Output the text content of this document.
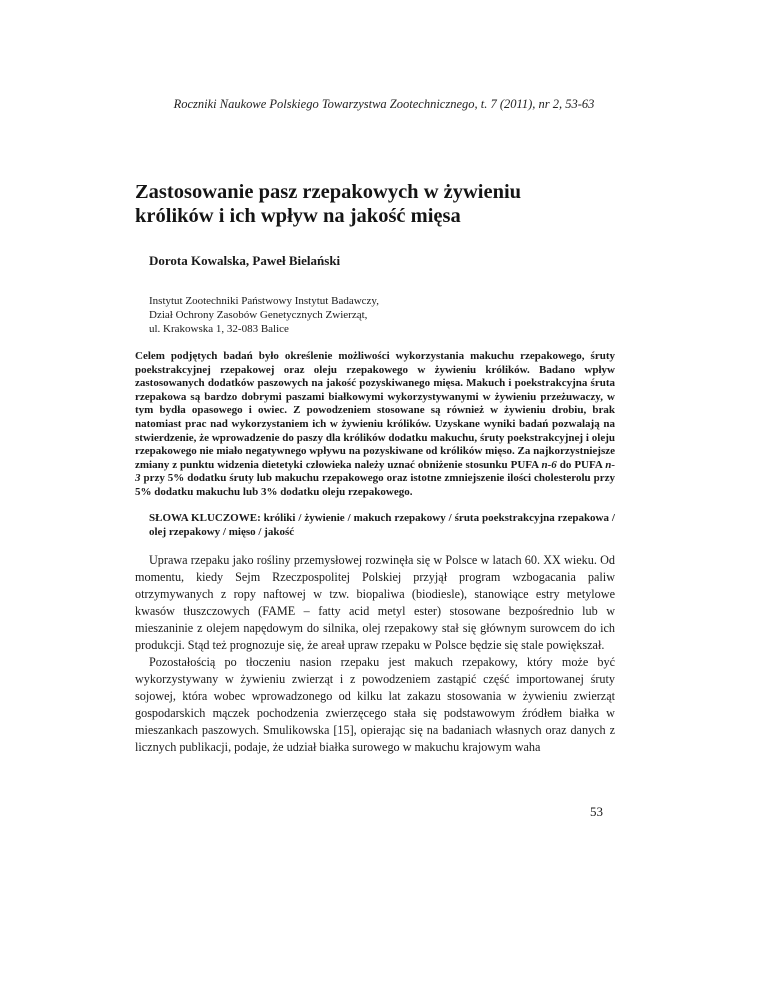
Roczniki Naukowe Polskiego Towarzystwa Zootechnicznego, t. 7 (2011), nr 2, 53-63
Zastosowanie pasz rzepakowych w żywieniu
królików i ich wpływ na jakość mięsa
Dorota Kowalska, Paweł Bielański
Instytut Zootechniki Państwowy Instytut Badawczy,
Dział Ochrony Zasobów Genetycznych Zwierząt,
ul. Krakowska 1, 32-083 Balice

Celem podjętych badań było określenie możliwości wykorzystania makuchu rzepakowego, śruty poekstrakcyjnej rzepakowej oraz oleju rzepakowego w żywieniu królików. Badano wpływ zastosowanych dodatków paszowych na jakość pozyskiwanego mięsa. Makuch i poekstrakcyjna śruta rzepakowa są bardzo dobrymi paszami białkowymi wykorzystywanymi w żywieniu przeżuwaczy, w tym bydła opasowego i owiec. Z powodzeniem stosowane są również w żywieniu drobiu, brak natomiast prac nad wykorzystaniem ich w żywieniu królików. Uzyskane wyniki badań pozwalają na stwierdzenie, że wprowadzenie do paszy dla królików dodatku makuchu, śruty poekstrakcyjnej i oleju rzepakowego nie miało negatywnego wpływu na pozyskiwane od królików mięso. Za najkorzystniejsze zmiany z punktu widzenia dietetyki człowieka należy uznać obniżenie stosunku PUFA n-6 do PUFA n-3 przy 5% dodatku śruty lub makuchu rzepakowego oraz istotne zmniejszenie ilości cholesterolu przy 5% dodatku makuchu lub 3% dodatku oleju rzepakowego.

SŁOWA KLUCZOWE: króliki / żywienie / makuch rzepakowy / śruta poekstrakcyjna rzepakowa / olej rzepakowy / mięso / jakość

Uprawa rzepaku jako rośliny przemysłowej rozwinęła się w Polsce w latach 60. XX wieku. Od momentu, kiedy Sejm Rzeczpospolitej Polskiej przyjął program wzbogacania paliw otrzymywanych z ropy naftowej w tzw. biopaliwa (biodiesle), stanowiące estry metylowe kwasów tłuszczowych (FAME – fatty acid metyl ester) stosowane bezpośrednio lub w mieszaninie z olejem napędowym do silnika, olej rzepakowy stał się głównym surowcem do ich produkcji. Stąd też prognozuje się, że areał upraw rzepaku w Polsce będzie się stale powiększał.

Pozostałością po tłoczeniu nasion rzepaku jest makuch rzepakowy, który może być wykorzystywany w żywieniu zwierząt i z powodzeniem zastąpić część importowanej śruty sojowej, która wobec wprowadzonego od kilku lat zakazu stosowania w żywieniu zwierząt gospodarskich mączek pochodzenia zwierzęcego stała się podstawowym źródłem białka w mieszankach paszowych. Smulikowska [15], opierając się na badaniach własnych oraz danych z licznych publikacji, podaje, że udział białka surowego w makuchu krajowym waha

53
